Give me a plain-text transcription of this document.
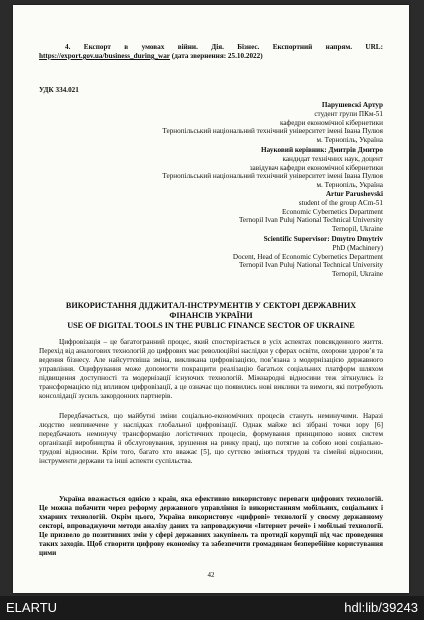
4. Експорт в умовах війни. Дія. Бізнес. Експортний напрям. URL:
https://export.gov.ua/business_during_war (дата звернення: 25.10.2022)
УДК 334.021
Парушевскі Артур
студент групи ПКм-51
кафедри економічної кібернетики
Тернопільський національний технічний університет імені Івана Пулюя
м. Тернопіль, Україна
Науковий керівник: Дмитрів Дмитро
кандидат технічних наук, доцент
завідувач кафедри економічної кібернетики
Тернопільський національний технічний університет імені Івана Пулюя
м. Тернопіль, Україна
Artur Parushevski
student of the group ACm-51
Economic Cybernetics Department
Ternopil Ivan Puluj National Technical University
Ternopil, Ukraine
Scientific Supervisor: Dmytro Dmytriv
PhD (Machinery)
Docent, Head of Economic Cybernetics Department
Ternopil Ivan Puluj National Technical University
Ternopil, Ukraine
ВИКОРИСТАННЯ ДІДЖИТАЛ-ІНСТРУМЕНТІВ У СЕКТОРІ ДЕРЖАВНИХ
ФІНАНСІВ УКРАЇНИ
USE OF DIGITAL TOOLS IN THE PUBLIC FINANCE SECTOR OF UKRAINE
Цифровізація – це багатогранний процес, який спостерігається в усіх аспектах повсякденного життя. Перехід від аналогових технологій до цифрових має революційні наслідки у сферах освіти, охорони здоров’я та ведення бізнесу. Але найсуттєвіша зміна, викликана цифровізацією, пов’язана з модернізацією державного управління. Оцифрування може допомогти покращити реалізацію багатьох соціальних платформ шляхом підвищення доступності та модернізації існуючих технологій. Міжнародні відносини теж зіткнулись із трансформацією під впливом цифровізації, а це означає що появились нові виклики та вимоги, які потребують консолідації зусиль закордонних партнерів.
Передбачається, що майбутні зміни соціально-економічних процесів стануть неминучими. Наразі людство невпинечене у наслідках глобальної цифровізації. Однак майже всі зібрані точки зору [6] передбачають неминучу трансформацію логістичних процесів, формування принципово нових систем організації виробництва й обслуговування, зрушення на ринку праці, що потягне за собою нові соціально-трудові відносини. Крім того, багато хто вважає [5], що суттєво зміняться трудові та сімейні відносини, інструменти держави та інші аспекти суспільства.
Україна вважається однією з країн, яка ефективно використовує переваги цифрових технологій. Це можна побачити через реформу державного управління із використанням мобільних, соціальних і хмарних технологій. Окрім цього, Україна використовує «цифрові» технології у своєму державному секторі, впроваджуючи методи аналізу даних та запроваджуючи «Інтернет речей» і мобільні технології. Це призвело до позитивних змін у сфері державних закупівель та протидії корупції під час проведення таких заходів. Щоб створити цифрову економіку та забезпечити громадянам безперебійне користування цими
42
ELARTU	hdl:lib/39243
